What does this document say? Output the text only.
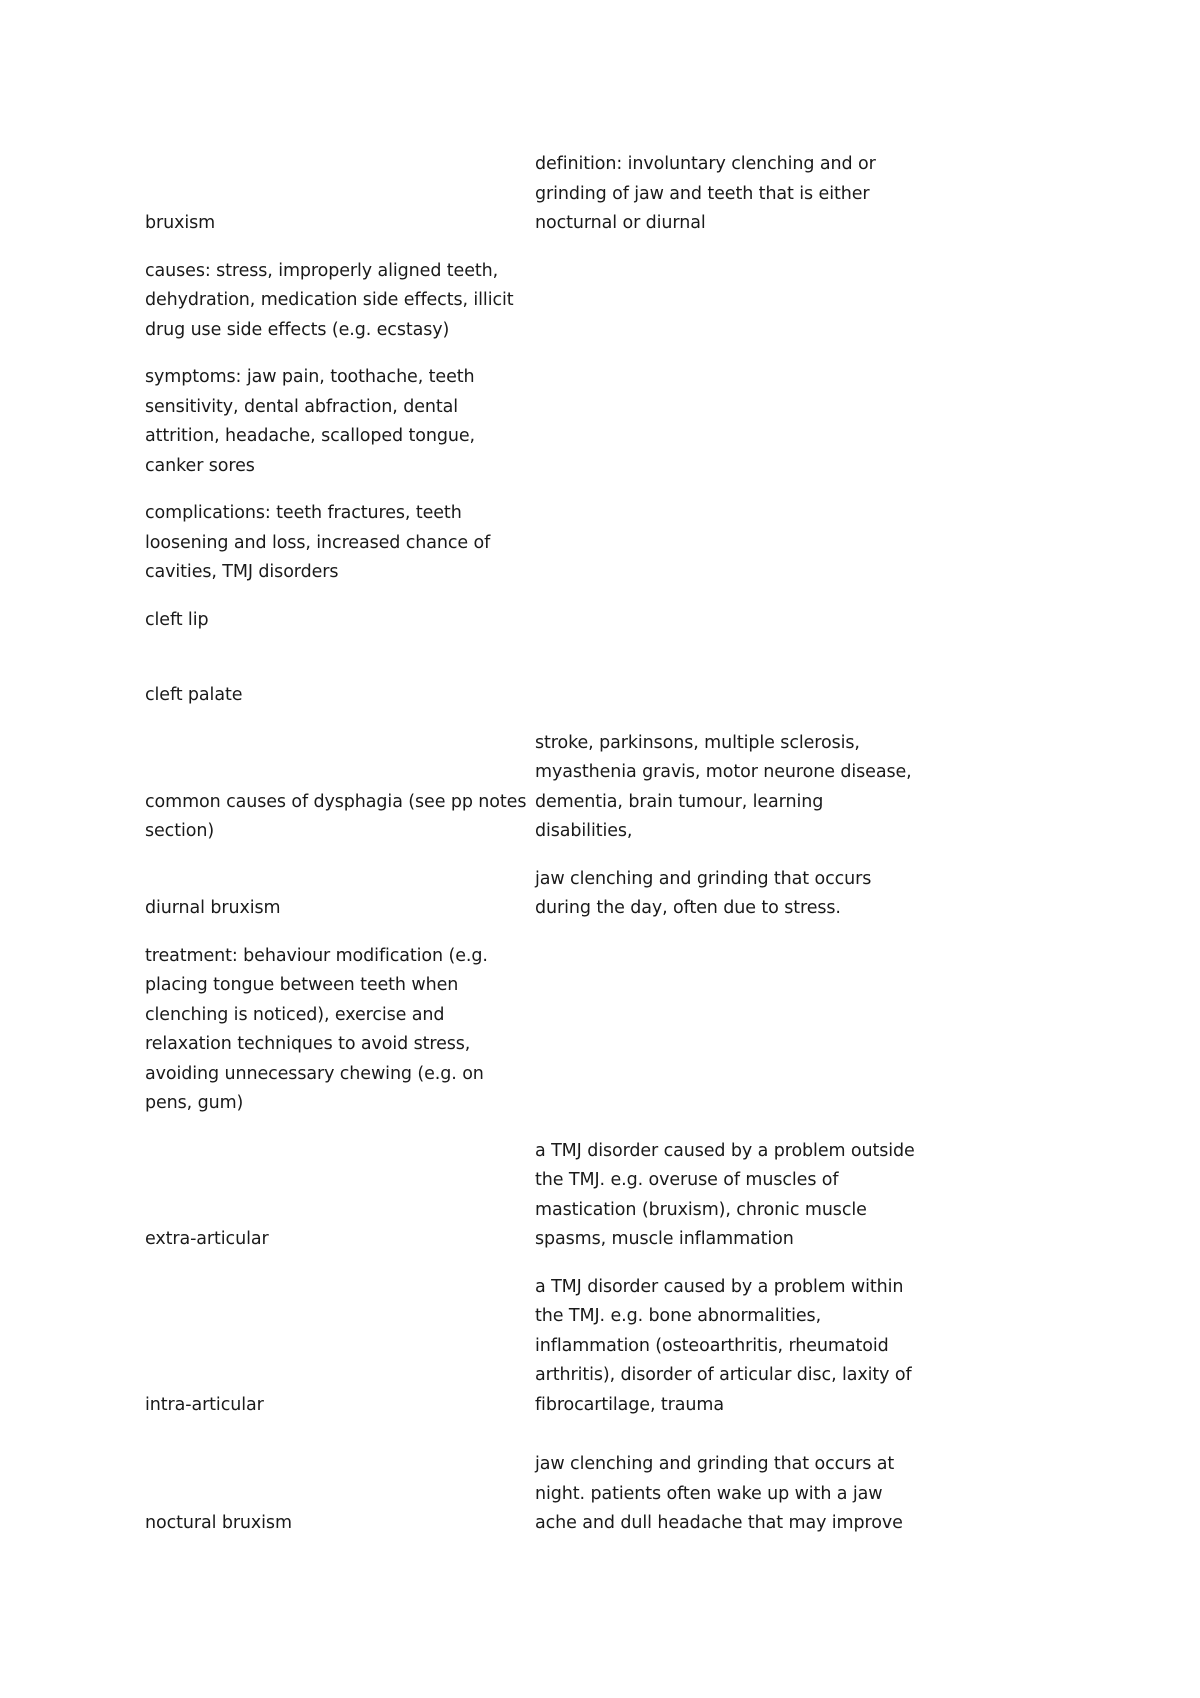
bruxism
definition: involuntary clenching and or grinding of jaw and teeth that is either nocturnal or diurnal
causes: stress, improperly aligned teeth, dehydration, medication side effects, illicit drug use side effects (e.g. ecstasy)
symptoms: jaw pain, toothache, teeth sensitivity, dental abfraction, dental attrition, headache, scalloped tongue, canker sores
complications: teeth fractures, teeth loosening and loss, increased chance of cavities, TMJ disorders
cleft lip
cleft palate
common causes of dysphagia (see pp notes section)
stroke, parkinsons, multiple sclerosis, myasthenia gravis, motor neurone disease, dementia, brain tumour, learning disabilities,
diurnal bruxism
jaw clenching and grinding that occurs during the day, often due to stress.
treatment: behaviour modification (e.g. placing tongue between teeth when clenching is noticed), exercise and relaxation techniques to avoid stress, avoiding unnecessary chewing (e.g. on pens, gum)
extra-articular
a TMJ disorder caused by a problem outside the TMJ. e.g. overuse of muscles of mastication (bruxism), chronic muscle spasms, muscle inflammation
intra-articular
a TMJ disorder caused by a problem within the TMJ. e.g. bone abnormalities, inflammation (osteoarthritis, rheumatoid arthritis), disorder of articular disc, laxity of fibrocartilage, trauma
noctural bruxism
jaw clenching and grinding that occurs at night. patients often wake up with a jaw ache and dull headache that may improve
